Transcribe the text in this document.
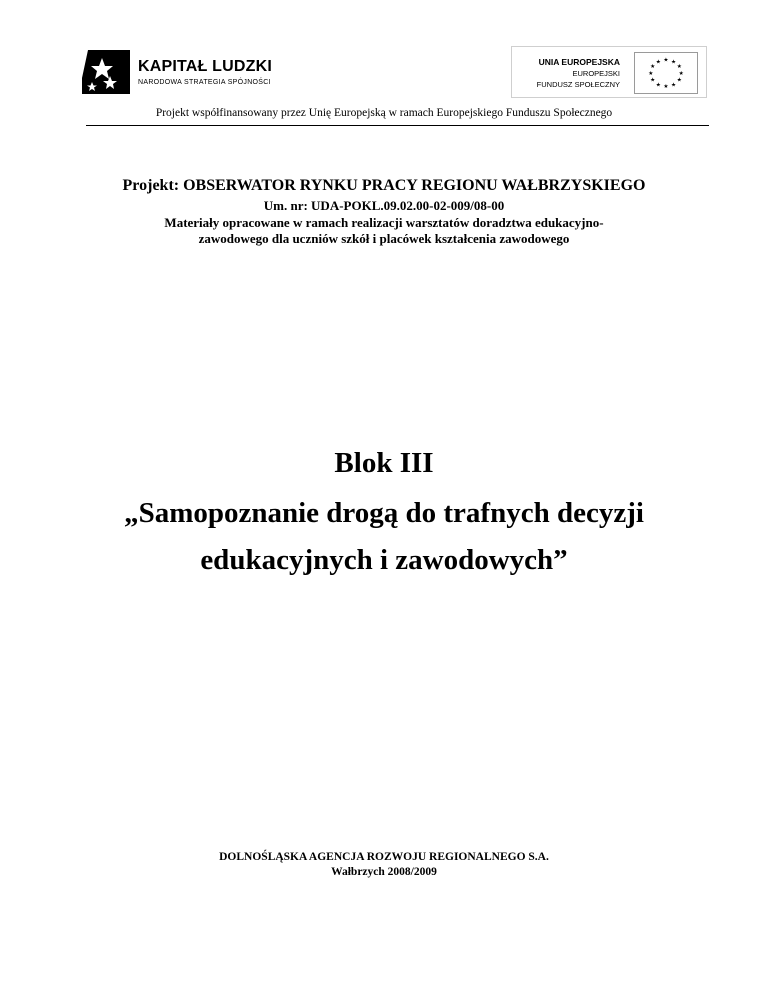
KAPITAŁ LUDZKI
NARODOWA STRATEGIA SPÓJNOŚCI
UNIA EUROPEJSKA
EUROPEJSKI
FUNDUSZ SPOŁECZNY
★ ★
★
★
★
★
★
★
★
★
★
★
Projekt współfinansowany przez Unię Europejską w ramach Europejskiego Funduszu Społecznego
Projekt: OBSERWATOR RYNKU PRACY REGIONU WAŁBRZYSKIEGO
Um. nr: UDA-POKL.09.02.00-02-009/08-00
Materiały opracowane w ramach realizacji warsztatów doradztwa edukacyjno-
zawodowego dla uczniów szkół i placówek kształcenia zawodowego
Blok III
„Samopoznanie drogą do trafnych decyzji
edukacyjnych i zawodowych”
DOLNOŚLĄSKA AGENCJA ROZWOJU REGIONALNEGO S.A.
Wałbrzych 2008/2009
